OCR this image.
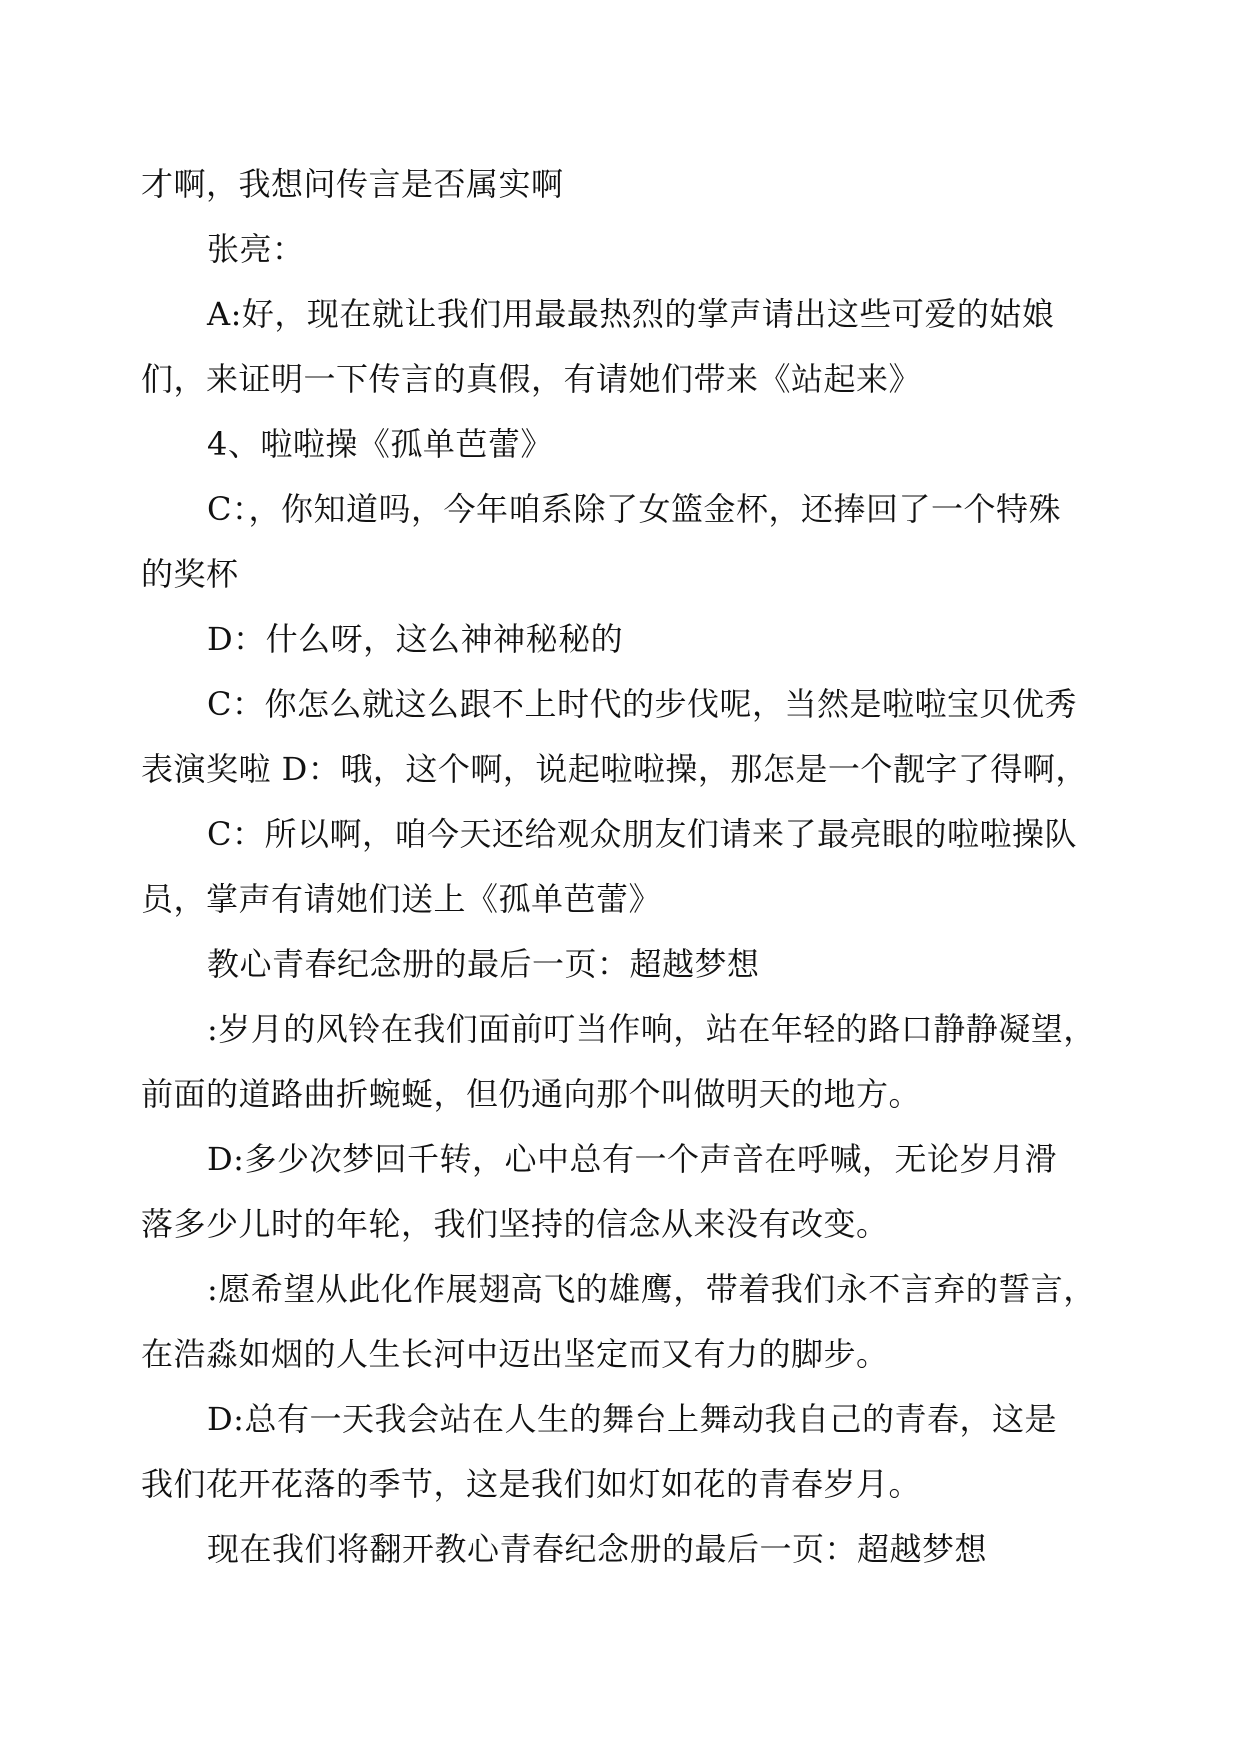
才啊，我想问传言是否属实啊
张亮：
A:好，现在就让我们用最最热烈的掌声请出这些可爱的姑娘
们，来证明一下传言的真假，有请她们带来《站起来》
4、啦啦操《孤单芭蕾》
C：，你知道吗，今年咱系除了女篮金杯，还捧回了一个特殊
的奖杯
D：什么呀，这么神神秘秘的
C：你怎么就这么跟不上时代的步伐呢，当然是啦啦宝贝优秀
表演奖啦 D：哦，这个啊，说起啦啦操，那怎是一个靓字了得啊，
C：所以啊，咱今天还给观众朋友们请来了最亮眼的啦啦操队
员，掌声有请她们送上《孤单芭蕾》
教心青春纪念册的最后一页：超越梦想
:岁月的风铃在我们面前叮当作响，站在年轻的路口静静凝望，
前面的道路曲折蜿蜒，但仍通向那个叫做明天的地方。
D:多少次梦回千转，心中总有一个声音在呼喊，无论岁月滑
落多少儿时的年轮，我们坚持的信念从来没有改变。
:愿希望从此化作展翅高飞的雄鹰，带着我们永不言弃的誓言，
在浩淼如烟的人生长河中迈出坚定而又有力的脚步。
D:总有一天我会站在人生的舞台上舞动我自己的青春，这是
我们花开花落的季节，这是我们如灯如花的青春岁月。
现在我们将翻开教心青春纪念册的最后一页：超越梦想
